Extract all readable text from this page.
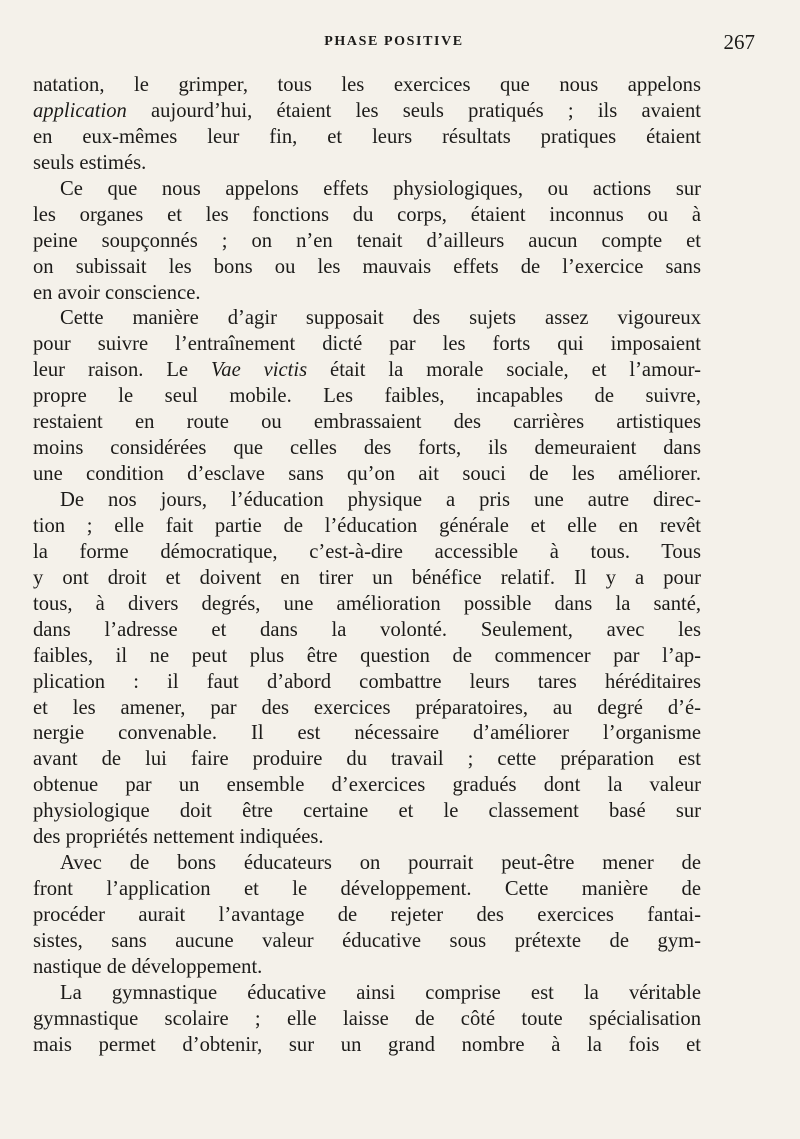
PHASE POSITIVE	267
natation, le grimper, tous les exercices que nous appelons
application aujourd’hui, étaient les seuls pratiqués ; ils avaient
en eux-mêmes leur fin, et leurs résultats pratiques étaient
seuls estimés.
Ce que nous appelons effets physiologiques, ou actions sur
les organes et les fonctions du corps, étaient inconnus ou à
peine soupçonnés ; on n’en tenait d’ailleurs aucun compte et
on subissait les bons ou les mauvais effets de l’exercice sans
en avoir conscience.
Cette manière d’agir supposait des sujets assez vigoureux
pour suivre l’entraînement dicté par les forts qui imposaient
leur raison. Le Vae victis était la morale sociale, et l’amour-
propre le seul mobile. Les faibles, incapables de suivre,
restaient en route ou embrassaient des carrières artistiques
moins considérées que celles des forts, ils demeuraient dans
une condition d’esclave sans qu’on ait souci de les améliorer.
De nos jours, l’éducation physique a pris une autre direc-
tion ; elle fait partie de l’éducation générale et elle en revêt
la forme démocratique, c’est-à-dire accessible à tous. Tous
y ont droit et doivent en tirer un bénéfice relatif. Il y a pour
tous, à divers degrés, une amélioration possible dans la santé,
dans l’adresse et dans la volonté. Seulement, avec les
faibles, il ne peut plus être question de commencer par l’ap-
plication : il faut d’abord combattre leurs tares héréditaires
et les amener, par des exercices préparatoires, au degré d’é-
nergie convenable. Il est nécessaire d’améliorer l’organisme
avant de lui faire produire du travail ; cette préparation est
obtenue par un ensemble d’exercices gradués dont la valeur
physiologique doit être certaine et le classement basé sur
des propriétés nettement indiquées.
Avec de bons éducateurs on pourrait peut-être mener de
front l’application et le développement. Cette manière de
procéder aurait l’avantage de rejeter des exercices fantai-
sistes, sans aucune valeur éducative sous prétexte de gym-
nastique de développement.
La gymnastique éducative ainsi comprise est la véritable
gymnastique scolaire ; elle laisse de côté toute spécialisation
mais permet d’obtenir, sur un grand nombre à la fois et
